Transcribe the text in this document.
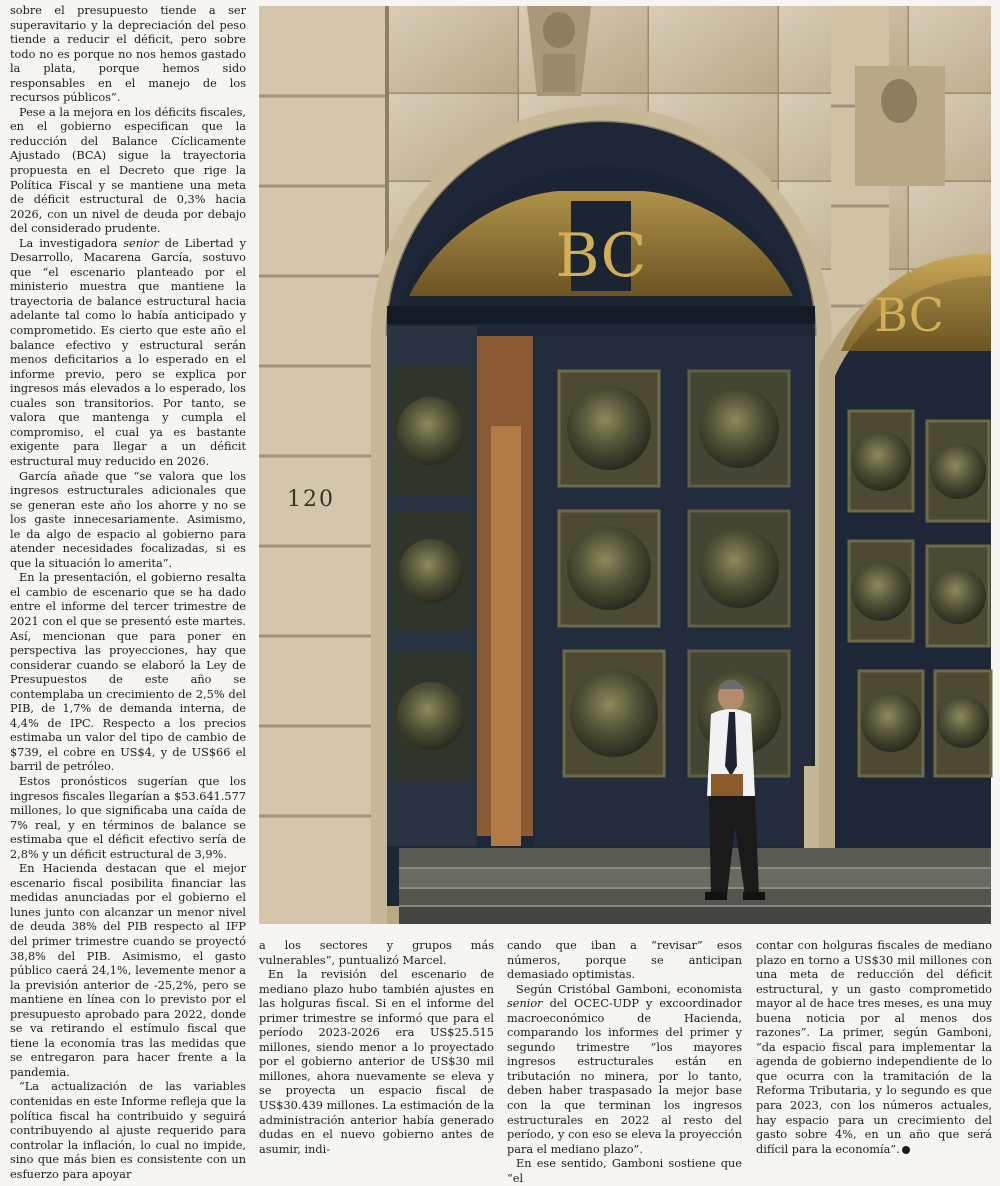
sobre el presupuesto tiende a ser superavitario y la depreciación del peso tiende a reducir el déficit, pero sobre todo no es porque no nos hemos gastado la plata, porque hemos sido responsables en el manejo de los recursos públicos”.

Pese a la mejora en los déficits fiscales, en el gobierno especifican que la reducción del Balance Cíclicamente Ajustado (BCA) sigue la trayectoria propuesta en el Decreto que rige la Política Fiscal y se mantiene una meta de déficit estructural de 0,3% hacia 2026, con un nivel de deuda por debajo del considerado prudente.

La investigadora senior de Libertad y Desarrollo, Macarena García, sostuvo que “el escenario planteado por el ministerio muestra que mantiene la trayectoria de balance estructural hacia adelante tal como lo había anticipado y comprometido. Es cierto que este año el balance efectivo y estructural serán menos deficitarios a lo esperado en el informe previo, pero se explica por ingresos más elevados a lo esperado, los cuales son transitorios. Por tanto, se valora que mantenga y cumpla el compromiso, el cual ya es bastante exigente para llegar a un déficit estructural muy reducido en 2026.

García añade que “se valora que los ingresos estructurales adicionales que se generan este año los ahorre y no se los gaste innecesariamente. Asimismo, le da algo de espacio al gobierno para atender necesidades focalizadas, si es que la situación lo amerita”.

En la presentación, el gobierno resalta el cambio de escenario que se ha dado entre el informe del tercer trimestre de 2021 con el que se presentó este martes. Así, mencionan que para poner en perspectiva las proyecciones, hay que considerar cuando se elaboró la Ley de Presupuestos de este año se contemplaba un crecimiento de 2,5% del PIB, de 1,7% de demanda interna, de 4,4% de IPC. Respecto a los precios estimaba un valor del tipo de cambio de $739, el cobre en US$4, y de US$66 el barril de petróleo.

Estos pronósticos sugerían que los ingresos fiscales llegarían a $53.641.577 millones, lo que significaba una caída de 7% real, y en términos de balance se estimaba que el déficit efectivo sería de 2,8% y un déficit estructural de 3,9%.

En Hacienda destacan que el mejor escenario fiscal posibilita financiar las medidas anunciadas por el gobierno el lunes junto con alcanzar un menor nivel de deuda 38% del PIB respecto al IFP del primer trimestre cuando se proyectó 38,8% del PIB. Asimismo, el gasto público caerá 24,1%, levemente menor a la previsión anterior de -25,2%, pero se mantiene en línea con lo previsto por el presupuesto aprobado para 2022, donde se va retirando el estímulo fiscal que tiene la economía tras las medidas que se entregaron para hacer frente a la pandemia.

“La actualización de las variables contenidas en este Informe refleja que la política fiscal ha contribuido y seguirá contribuyendo al ajuste requerido para controlar la inflación, lo cual no impide, sino que más bien es consistente con un esfuerzo para apoyar

120
BC
BC

a los sectores y grupos más vulnerables”, puntualizó Marcel.

En la revisión del escenario de mediano plazo hubo también ajustes en las holguras fiscal. Si en el informe del primer trimestre se informó que para el período 2023-2026 era US$25.515 millones, siendo menor a lo proyectado por el gobierno anterior de US$30 mil millones, ahora nuevamente se eleva y se proyecta un espacio fiscal de US$30.439 millones. La estimación de la administración anterior había generado dudas en el nuevo gobierno antes de asumir, indi-

cando que iban a “revisar” esos números, porque se anticipan demasiado optimistas.

Según Cristóbal Gamboni, economista senior del OCEC-UDP y excoordinador macroeconómico de Hacienda, comparando los informes del primer y segundo trimestre “los mayores ingresos estructurales están en tributación no minera, por lo tanto, deben haber traspasado la mejor base con la que terminan los ingresos estructurales en 2022 al resto del período, y con eso se eleva la proyección para el mediano plazo”.

En ese sentido, Gamboni sostiene que “el

contar con holguras fiscales de mediano plazo en torno a US$30 mil millones con una meta de reducción del déficit estructural, y un gasto comprometido mayor al de hace tres meses, es una muy buena noticia por al menos dos razones”. La primer, según Gamboni, “da espacio fiscal para implementar la agenda de gobierno independiente de lo que ocurra con la tramitación de la Reforma Tributaria, y lo segundo es que para 2023, con los números actuales, hay espacio para un crecimiento del gasto sobre 4%, en un año que será difícil para la economía”.
